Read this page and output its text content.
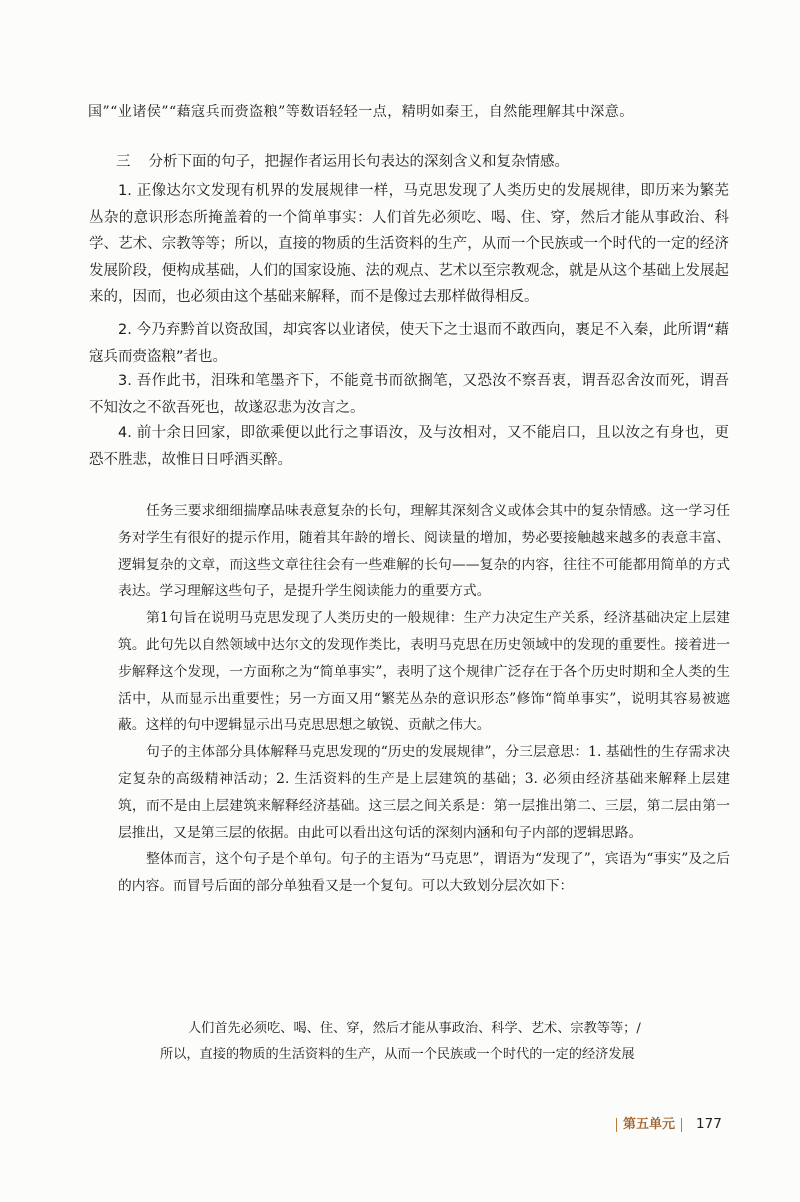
国”“业诸侯”“藉寇兵而赍盗粮”等数语轻轻一点，精明如秦王，自然能理解其中深意。
三 分析下面的句子，把握作者运用长句表达的深刻含义和复杂情感。
1. 正像达尔文发现有机界的发展规律一样，马克思发现了人类历史的发展规律，即历来为繁芜丛杂的意识形态所掩盖着的一个简单事实：人们首先必须吃、喝、住、穿，然后才能从事政治、科学、艺术、宗教等等；所以，直接的物质的生活资料的生产，从而一个民族或一个时代的一定的经济发展阶段，便构成基础，人们的国家设施、法的观点、艺术以至宗教观念，就是从这个基础上发展起来的，因而，也必须由这个基础来解释，而不是像过去那样做得相反。
2. 今乃弃黔首以资敌国，却宾客以业诸侯，使天下之士退而不敢西向，裹足不入秦，此所谓“藉寇兵而赍盗粮”者也。
3. 吾作此书，泪珠和笔墨齐下，不能竟书而欲搁笔，又恐汝不察吾衷，谓吾忍舍汝而死，谓吾不知汝之不欲吾死也，故遂忍悲为汝言之。
4. 前十余日回家，即欲乘便以此行之事语汝，及与汝相对，又不能启口，且以汝之有身也，更恐不胜悲，故惟日日呼酒买醉。

任务三要求细细揣摩品味表意复杂的长句，理解其深刻含义或体会其中的复杂情感。这一学习任务对学生有很好的提示作用，随着其年龄的增长、阅读量的增加，势必要接触越来越多的表意丰富、逻辑复杂的文章，而这些文章往往会有一些难解的长句——复杂的内容，往往不可能都用简单的方式表达。学习理解这些句子，是提升学生阅读能力的重要方式。

第1句旨在说明马克思发现了人类历史的一般规律：生产力决定生产关系，经济基础决定上层建筑。此句先以自然领域中达尔文的发现作类比，表明马克思在历史领域中的发现的重要性。接着进一步解释这个发现，一方面称之为“简单事实”，表明了这个规律广泛存在于各个历史时期和全人类的生活中，从而显示出重要性；另一方面又用“繁芜丛杂的意识形态”修饰“简单事实”，说明其容易被遮蔽。这样的句中逻辑显示出马克思思想之敏锐、贡献之伟大。

句子的主体部分具体解释马克思发现的“历史的发展规律”，分三层意思：1. 基础性的生存需求决定复杂的高级精神活动；2. 生活资料的生产是上层建筑的基础；3. 必须由经济基础来解释上层建筑，而不是由上层建筑来解释经济基础。这三层之间关系是：第一层推出第二、三层，第二层由第一层推出，又是第三层的依据。由此可以看出这句话的深刻内涵和句子内部的逻辑思路。

整体而言，这个句子是个单句。句子的主语为“马克思”，谓语为“发现了”，宾语为“事实”及之后的内容。而冒号后面的部分单独看又是一个复句。可以大致划分层次如下：

人们首先必须吃、喝、住、穿，然后才能从事政治、科学、艺术、宗教等等；/

所以，直接的物质的生活资料的生产，从而一个民族或一个时代的一定的经济发展

第五单元 177
